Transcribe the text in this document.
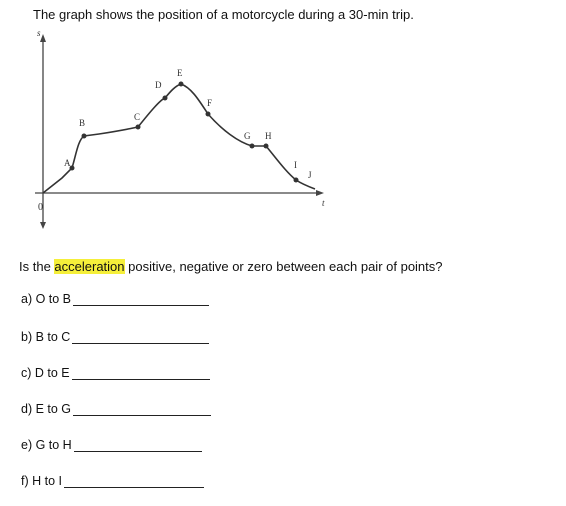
The graph shows the position of a motorcycle during a 30-min trip.
s
t
0
A
B
C
D
E
F
G H
I
J
Is the acceleration positive, negative or zero between each pair of points?
a) O to B
b) B to C
c) D to E
d) E to G
e) G to H
f) H to I
